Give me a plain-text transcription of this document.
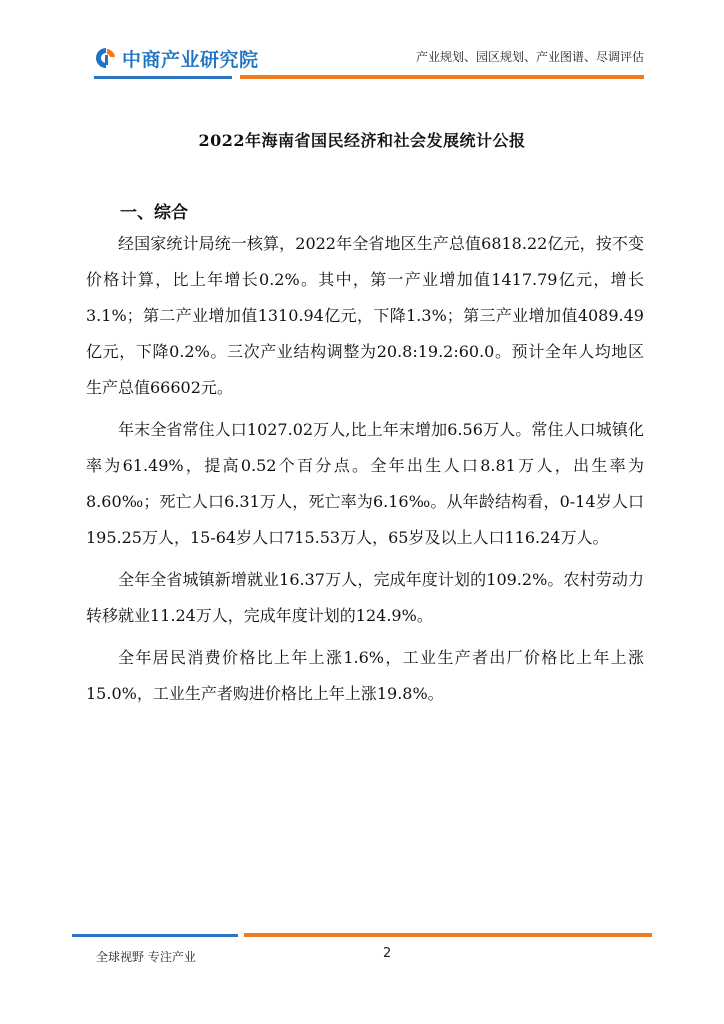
中商产业研究院	产业规划、园区规划、产业图谱、尽调评估
2022年海南省国民经济和社会发展统计公报
一、综合

经国家统计局统一核算，2022年全省地区生产总值6818.22亿元，按不变价格计算，比上年增长0.2%。其中，第一产业增加值1417.79亿元，增长3.1%；第二产业增加值1310.94亿元，下降1.3%；第三产业增加值4089.49亿元，下降0.2%。三次产业结构调整为20.8:19.2:60.0。预计全年人均地区生产总值66602元。

年末全省常住人口1027.02万人,比上年末增加6.56万人。常住人口城镇化率为61.49%，提高0.52个百分点。全年出生人口8.81万人，出生率为8.60‰；死亡人口6.31万人，死亡率为6.16‰。从年龄结构看，0-14岁人口195.25万人，15-64岁人口715.53万人，65岁及以上人口116.24万人。

全年全省城镇新增就业16.37万人，完成年度计划的109.2%。农村劳动力转移就业11.24万人，完成年度计划的124.9%。

全年居民消费价格比上年上涨1.6%，工业生产者出厂价格比上年上涨15.0%，工业生产者购进价格比上年上涨19.8%。

全球视野 专注产业	2
